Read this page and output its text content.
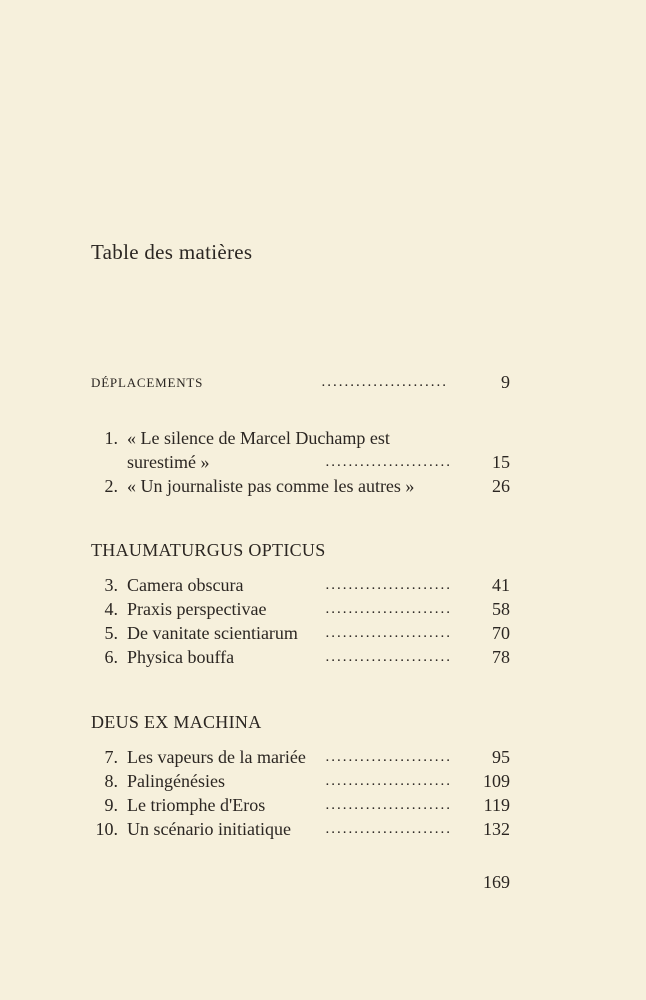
Table des matières
DÉPLACEMENTS	......................	9
1. « Le silence de Marcel Duchamp est
surestimé »	...................... 15
2. « Un journaliste pas comme les autres »	26
THAUMATURGUS OPTICUS
3. Camera obscura	...................... 41
4. Praxis perspectivae	...................... 58
5. De vanitate scientiarum ...................... 70
6. Physica bouffa	...................... 78
DEUS EX MACHINA
7. Les vapeurs de la mariée ...................... 95
8. Palingénésies	...................... 109
9. Le triomphe d'Eros	...................... 119
10. Un scénario initiatique ...................... 132
169
